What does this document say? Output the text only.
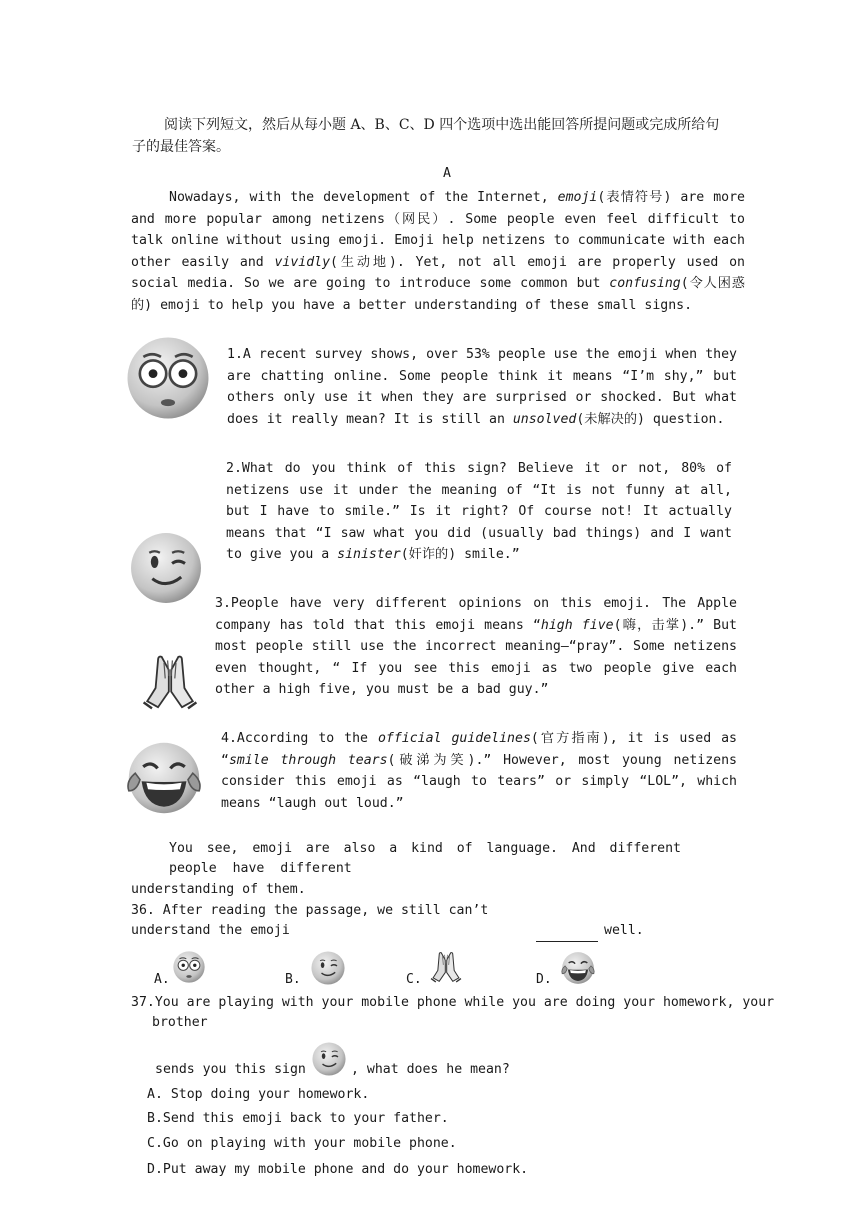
阅读下列短文，然后从每小题 A、B、C、D 四个选项中选出能回答所提问题或完成所给句子的最佳答案。
A
Nowadays, with the development of the Internet, emoji(表情符号) are more and more popular among netizens（网民）. Some people even feel difficult to talk online without using emoji. Emoji help netizens to communicate with each other easily and vividly(生动地). Yet, not all emoji are properly used on social media. So we are going to introduce some common but confusing(令人困惑的) emoji to help you have a better understanding of these small signs.
1.A recent survey shows, over 53% people use the emoji when they are chatting online. Some people think it means “I’m shy,” but others only use it when they are surprised or shocked. But what does it really mean? It is still an unsolved(未解决的) question.
2.What do you think of this sign? Believe it or not, 80% of netizens use it under the meaning of “It is not funny at all, but I have to smile.” Is it right? Of course not! It actually means that “I saw what you did (usually bad things) and I want to give you a sinister(奸诈的) smile.”
3.People have very different opinions on this emoji. The Apple company has told that this emoji means “high five(嗨，击掌).” But most people still use the incorrect meaning—“pray”. Some netizens even thought, “ If you see this emoji as two people give each other a high five, you must be a bad guy.”
4.According to the official guidelines(官方指南), it is used as “smile through tears(破涕为笑).” However, most young netizens consider this emoji as “laugh to tears” or simply “LOL”, which means “laugh out loud.”
You see, emoji are also a kind of language. And different
people have different
understanding of them.
36. After reading the passage, we still can’t
understand the emoji	well.
A.	B.	C.	D.
37.You are playing with your mobile phone while you are doing your homework, your
brother
sends you this sign	, what does he mean?
A. Stop doing your homework.
B.Send this emoji back to your father.
C.Go on playing with your mobile phone.
D.Put away my mobile phone and do your homework.
